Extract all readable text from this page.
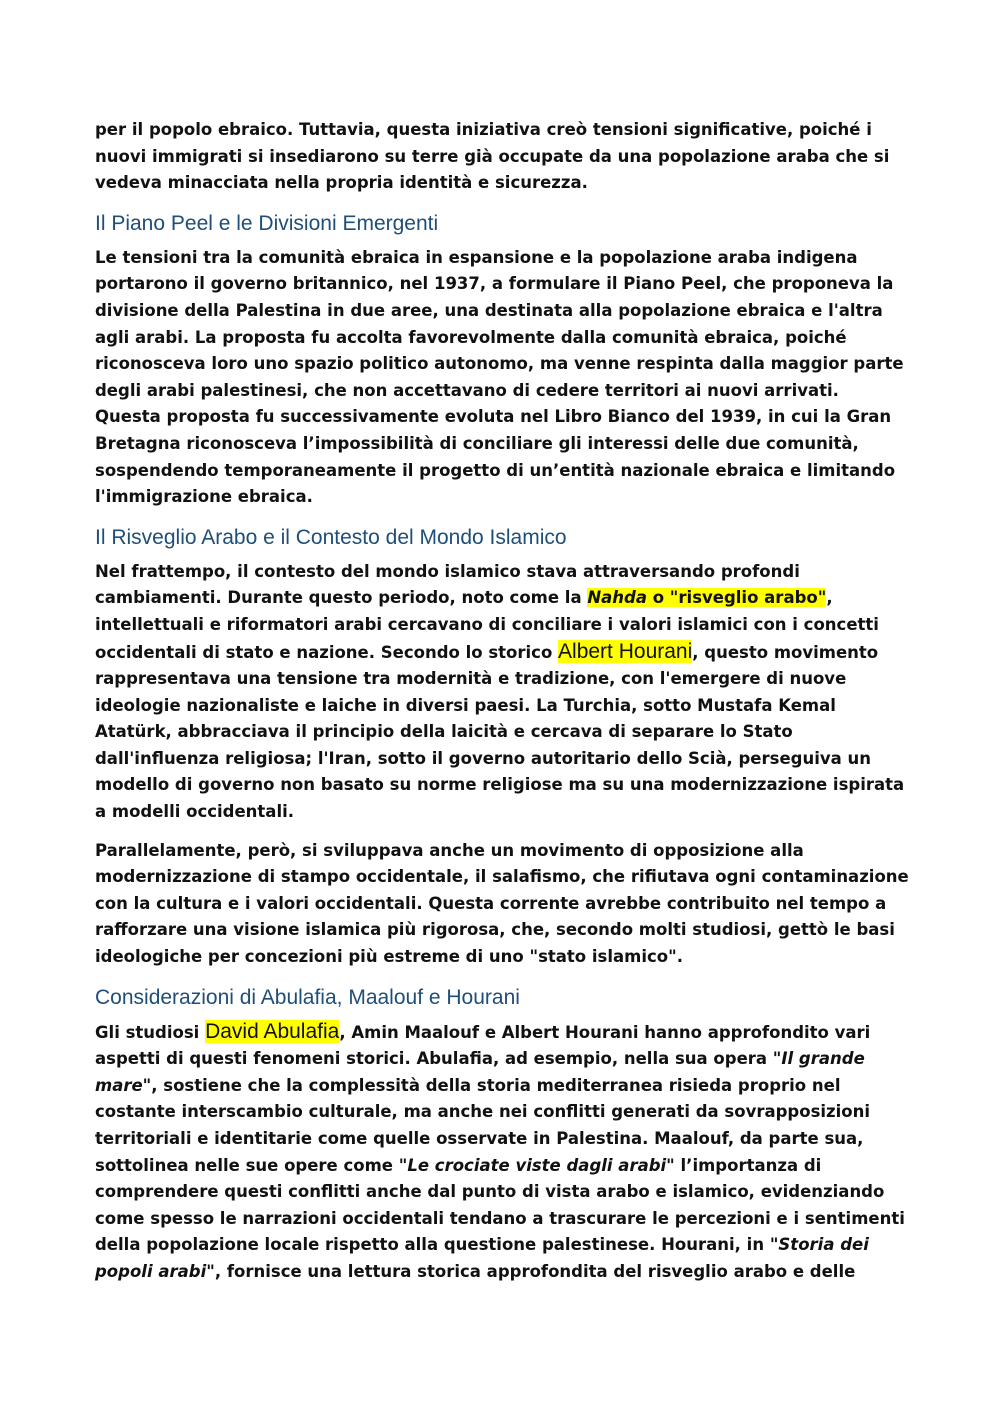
per il popolo ebraico. Tuttavia, questa iniziativa creò tensioni significative, poiché i nuovi immigrati si insediarono su terre già occupate da una popolazione araba che si vedeva minacciata nella propria identità e sicurezza.

Il Piano Peel e le Divisioni Emergenti

Le tensioni tra la comunità ebraica in espansione e la popolazione araba indigena portarono il governo britannico, nel 1937, a formulare il Piano Peel, che proponeva la divisione della Palestina in due aree, una destinata alla popolazione ebraica e l'altra agli arabi. La proposta fu accolta favorevolmente dalla comunità ebraica, poiché riconosceva loro uno spazio politico autonomo, ma venne respinta dalla maggior parte degli arabi palestinesi, che non accettavano di cedere territori ai nuovi arrivati. Questa proposta fu successivamente evoluta nel Libro Bianco del 1939, in cui la Gran Bretagna riconosceva l’impossibilità di conciliare gli interessi delle due comunità, sospendendo temporaneamente il progetto di un’entità nazionale ebraica e limitando l'immigrazione ebraica.

Il Risveglio Arabo e il Contesto del Mondo Islamico

Nel frattempo, il contesto del mondo islamico stava attraversando profondi cambiamenti. Durante questo periodo, noto come la Nahda o "risveglio arabo", intellettuali e riformatori arabi cercavano di conciliare i valori islamici con i concetti occidentali di stato e nazione. Secondo lo storico Albert Hourani, questo movimento rappresentava una tensione tra modernità e tradizione, con l'emergere di nuove ideologie nazionaliste e laiche in diversi paesi. La Turchia, sotto Mustafa Kemal Atatürk, abbracciava il principio della laicità e cercava di separare lo Stato dall'influenza religiosa; l'Iran, sotto il governo autoritario dello Scià, perseguiva un modello di governo non basato su norme religiose ma su una modernizzazione ispirata a modelli occidentali.

Parallelamente, però, si sviluppava anche un movimento di opposizione alla modernizzazione di stampo occidentale, il salafismo, che rifiutava ogni contaminazione con la cultura e i valori occidentali. Questa corrente avrebbe contribuito nel tempo a rafforzare una visione islamica più rigorosa, che, secondo molti studiosi, gettò le basi ideologiche per concezioni più estreme di uno "stato islamico".

Considerazioni di Abulafia, Maalouf e Hourani

Gli studiosi David Abulafia, Amin Maalouf e Albert Hourani hanno approfondito vari aspetti di questi fenomeni storici. Abulafia, ad esempio, nella sua opera "Il grande mare", sostiene che la complessità della storia mediterranea risieda proprio nel costante interscambio culturale, ma anche nei conflitti generati da sovrapposizioni territoriali e identitarie come quelle osservate in Palestina. Maalouf, da parte sua, sottolinea nelle sue opere come "Le crociate viste dagli arabi" l’importanza di comprendere questi conflitti anche dal punto di vista arabo e islamico, evidenziando come spesso le narrazioni occidentali tendano a trascurare le percezioni e i sentimenti della popolazione locale rispetto alla questione palestinese. Hourani, in "Storia dei popoli arabi", fornisce una lettura storica approfondita del risveglio arabo e delle
